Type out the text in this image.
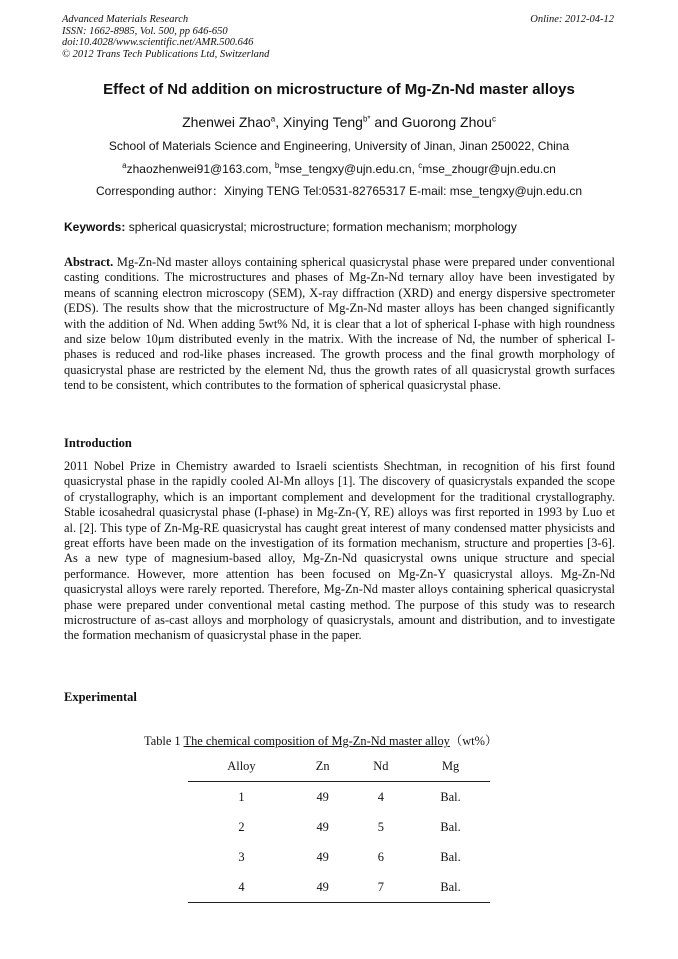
Advanced Materials Research
ISSN: 1662-8985, Vol. 500, pp 646-650
doi:10.4028/www.scientific.net/AMR.500.646
© 2012 Trans Tech Publications Ltd, Switzerland
Online: 2012-04-12
Effect of Nd addition on microstructure of Mg-Zn-Nd master alloys
Zhenwei Zhao$^a$, Xinying Teng$^{b*}$ and Guorong Zhou$^c$
School of Materials Science and Engineering, University of Jinan, Jinan 250022, China
$^a$zhaozhenwei91@163.com, $^b$mse_tengxy@ujn.edu.cn, $^c$mse_zhougr@ujn.edu.cn
Corresponding author：Xinying TENG Tel:0531-82765317 E-mail: mse_tengxy@ujn.edu.cn
Keywords: spherical quasicrystal; microstructure; formation mechanism; morphology
Abstract. Mg-Zn-Nd master alloys containing spherical quasicrystal phase were prepared under conventional casting conditions. The microstructures and phases of Mg-Zn-Nd ternary alloy have been investigated by means of scanning electron microscopy (SEM), X-ray diffraction (XRD) and energy dispersive spectrometer (EDS). The results show that the microstructure of Mg-Zn-Nd master alloys has been changed significantly with the addition of Nd. When adding 5wt% Nd, it is clear that a lot of spherical I-phase with high roundness and size below 10μm distributed evenly in the matrix. With the increase of Nd, the number of spherical I-phases is reduced and rod-like phases increased. The growth process and the final growth morphology of quasicrystal phase are restricted by the element Nd, thus the growth rates of all quasicrystal growth surfaces tend to be consistent, which contributes to the formation of spherical quasicrystal phase.
Introduction
2011 Nobel Prize in Chemistry awarded to Israeli scientists Shechtman, in recognition of his first found quasicrystal phase in the rapidly cooled Al-Mn alloys [1]. The discovery of quasicrystals expanded the scope of crystallography, which is an important complement and development for the traditional crystallography. Stable icosahedral quasicrystal phase (I-phase) in Mg-Zn-(Y, RE) alloys was first reported in 1993 by Luo et al. [2]. This type of Zn-Mg-RE quasicrystal has caught great interest of many condensed matter physicists and great efforts have been made on the investigation of its formation mechanism, structure and properties [3-6]. As a new type of magnesium-based alloy, Mg-Zn-Nd quasicrystal owns unique structure and special performance. However, more attention has been focused on Mg-Zn-Y quasicrystal alloys. Mg-Zn-Nd quasicrystal alloys were rarely reported. Therefore, Mg-Zn-Nd master alloys containing spherical quasicrystal phase were prepared under conventional metal casting method. The purpose of this study was to research microstructure of as-cast alloys and morphology of quasicrystals, amount and distribution, and to investigate the formation mechanism of quasicrystal phase in the paper.
Experimental
Table 1 The chemical composition of Mg-Zn-Nd master alloy（wt%）
Alloy	Zn	Nd	Mg
1	49	4	Bal.
2	49	5	Bal.
3	49	6	Bal.
4	49	7	Bal.
